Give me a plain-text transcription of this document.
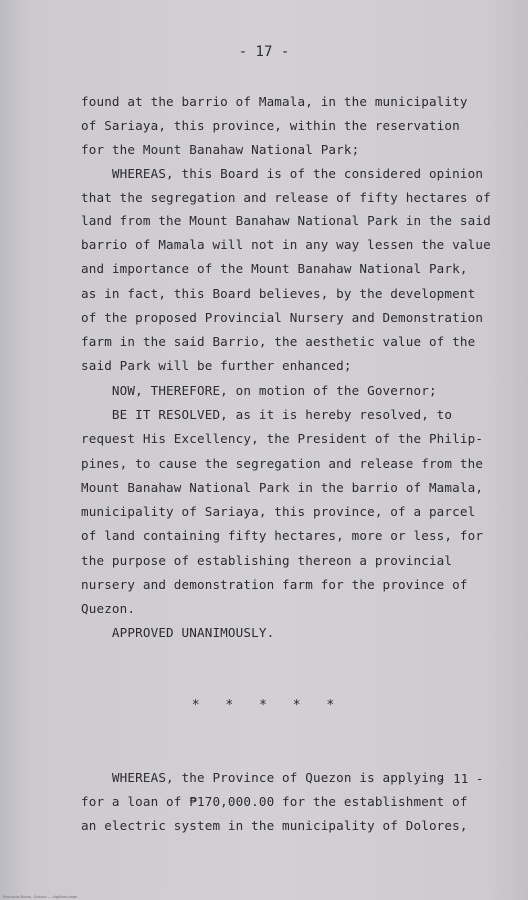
- 17 -
found at the barrio of Mamala, in the municipality
of Sariaya, this province, within the reservation
for the Mount Banahaw National Park;
WHEREAS, this Board is of the considered opinion
that the segregation and release of fifty hectares of
land from the Mount Banahaw National Park in the said
barrio of Mamala will not in any way lessen the value
and importance of the Mount Banahaw National Park,
as in fact, this Board believes, by the development
of the proposed Provincial Nursery and Demonstration
farm in the said Barrio, the aesthetic value of the
said Park will be further enhanced;
NOW, THEREFORE, on motion of the Governor;
BE IT RESOLVED, as it is hereby resolved, to
request His Excellency, the President of the Philip-
pines, to cause the segregation and release from the
Mount Banahaw National Park in the barrio of Mamala,
municipality of Sariaya, this province, of a parcel
of land containing fifty hectares, more or less, for
the purpose of establishing thereon a provincial
nursery and demonstration farm for the province of
Quezon.
APPROVED UNANIMOUSLY.
* * * * *
WHEREAS, the Province of Quezon is applying
for a loan of ₱170,000.00 for the establishment of
an electric system in the municipality of Dolores,
- 11 -
Provincial Board, Quezon — digitized page
